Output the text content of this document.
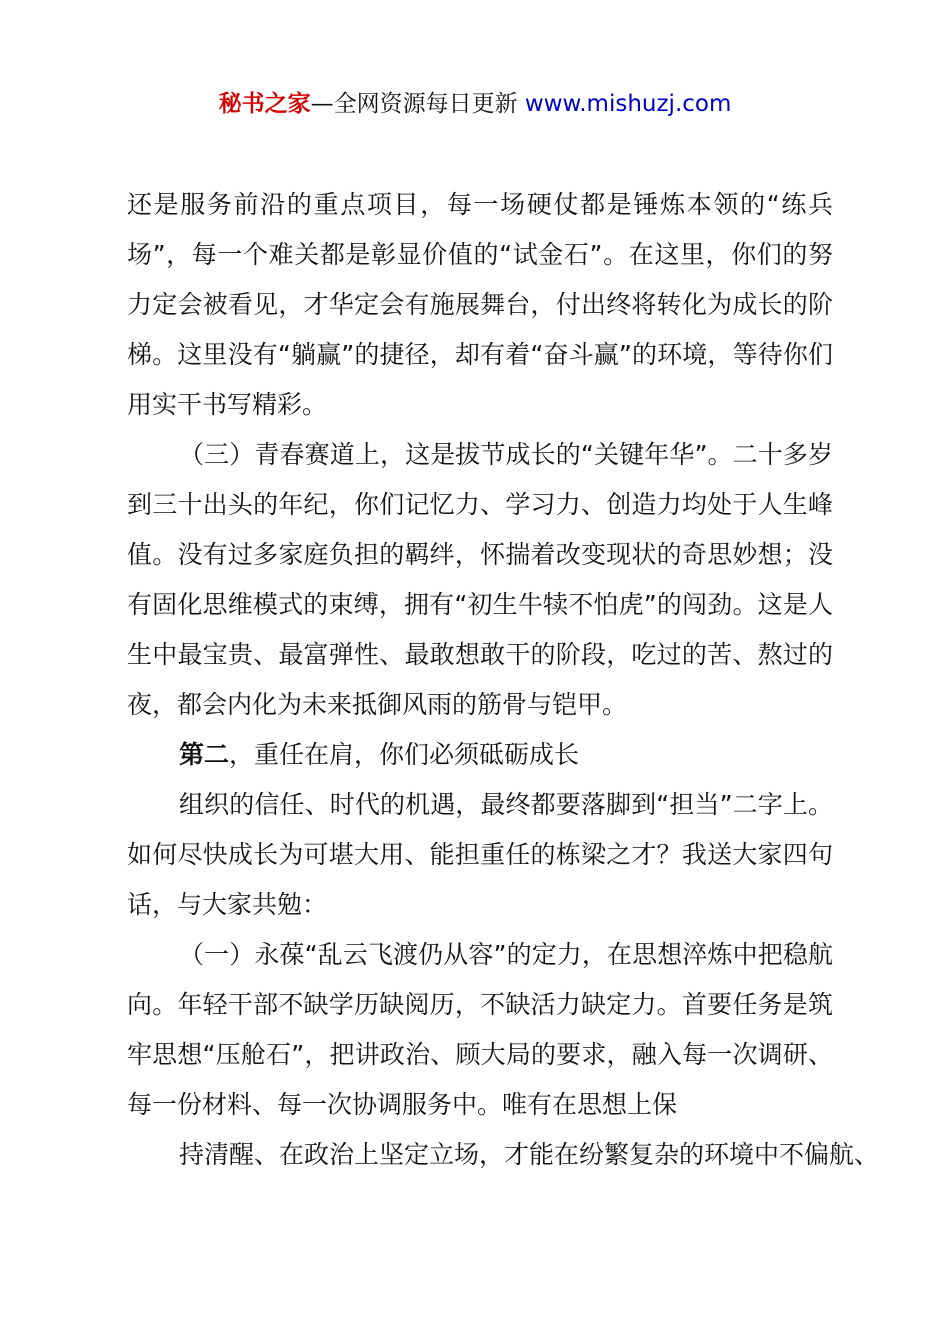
秘书之家—全网资源每日更新 www.mishuzj.com

还是服务前沿的重点项目，每一场硬仗都是锤炼本领的“练兵场”，每一个难关都是彰显价值的“试金石”。在这里，你们的努力定会被看见，才华定会有施展舞台，付出终将转化为成长的阶梯。这里没有“躺赢”的捷径，却有着“奋斗赢”的环境，等待你们用实干书写精彩。

（三）青春赛道上，这是拔节成长的“关键年华”。二十多岁到三十出头的年纪，你们记忆力、学习力、创造力均处于人生峰值。没有过多家庭负担的羁绊，怀揣着改变现状的奇思妙想；没有固化思维模式的束缚，拥有“初生牛犊不怕虎”的闯劲。这是人生中最宝贵、最富弹性、最敢想敢干的阶段，吃过的苦、熬过的夜，都会内化为未来抵御风雨的筋骨与铠甲。

第二，重任在肩，你们必须砥砺成长

组织的信任、时代的机遇，最终都要落脚到“担当”二字上。如何尽快成长为可堪大用、能担重任的栋梁之才？我送大家四句话，与大家共勉：

（一）永葆“乱云飞渡仍从容”的定力，在思想淬炼中把稳航向。年轻干部不缺学历缺阅历，不缺活力缺定力。首要任务是筑牢思想“压舱石”，把讲政治、顾大局的要求，融入每一次调研、每一份材料、每一次协调服务中。唯有在思想上保
持清醒、在政治上坚定立场，才能在纷繁复杂的环境中不偏航、
